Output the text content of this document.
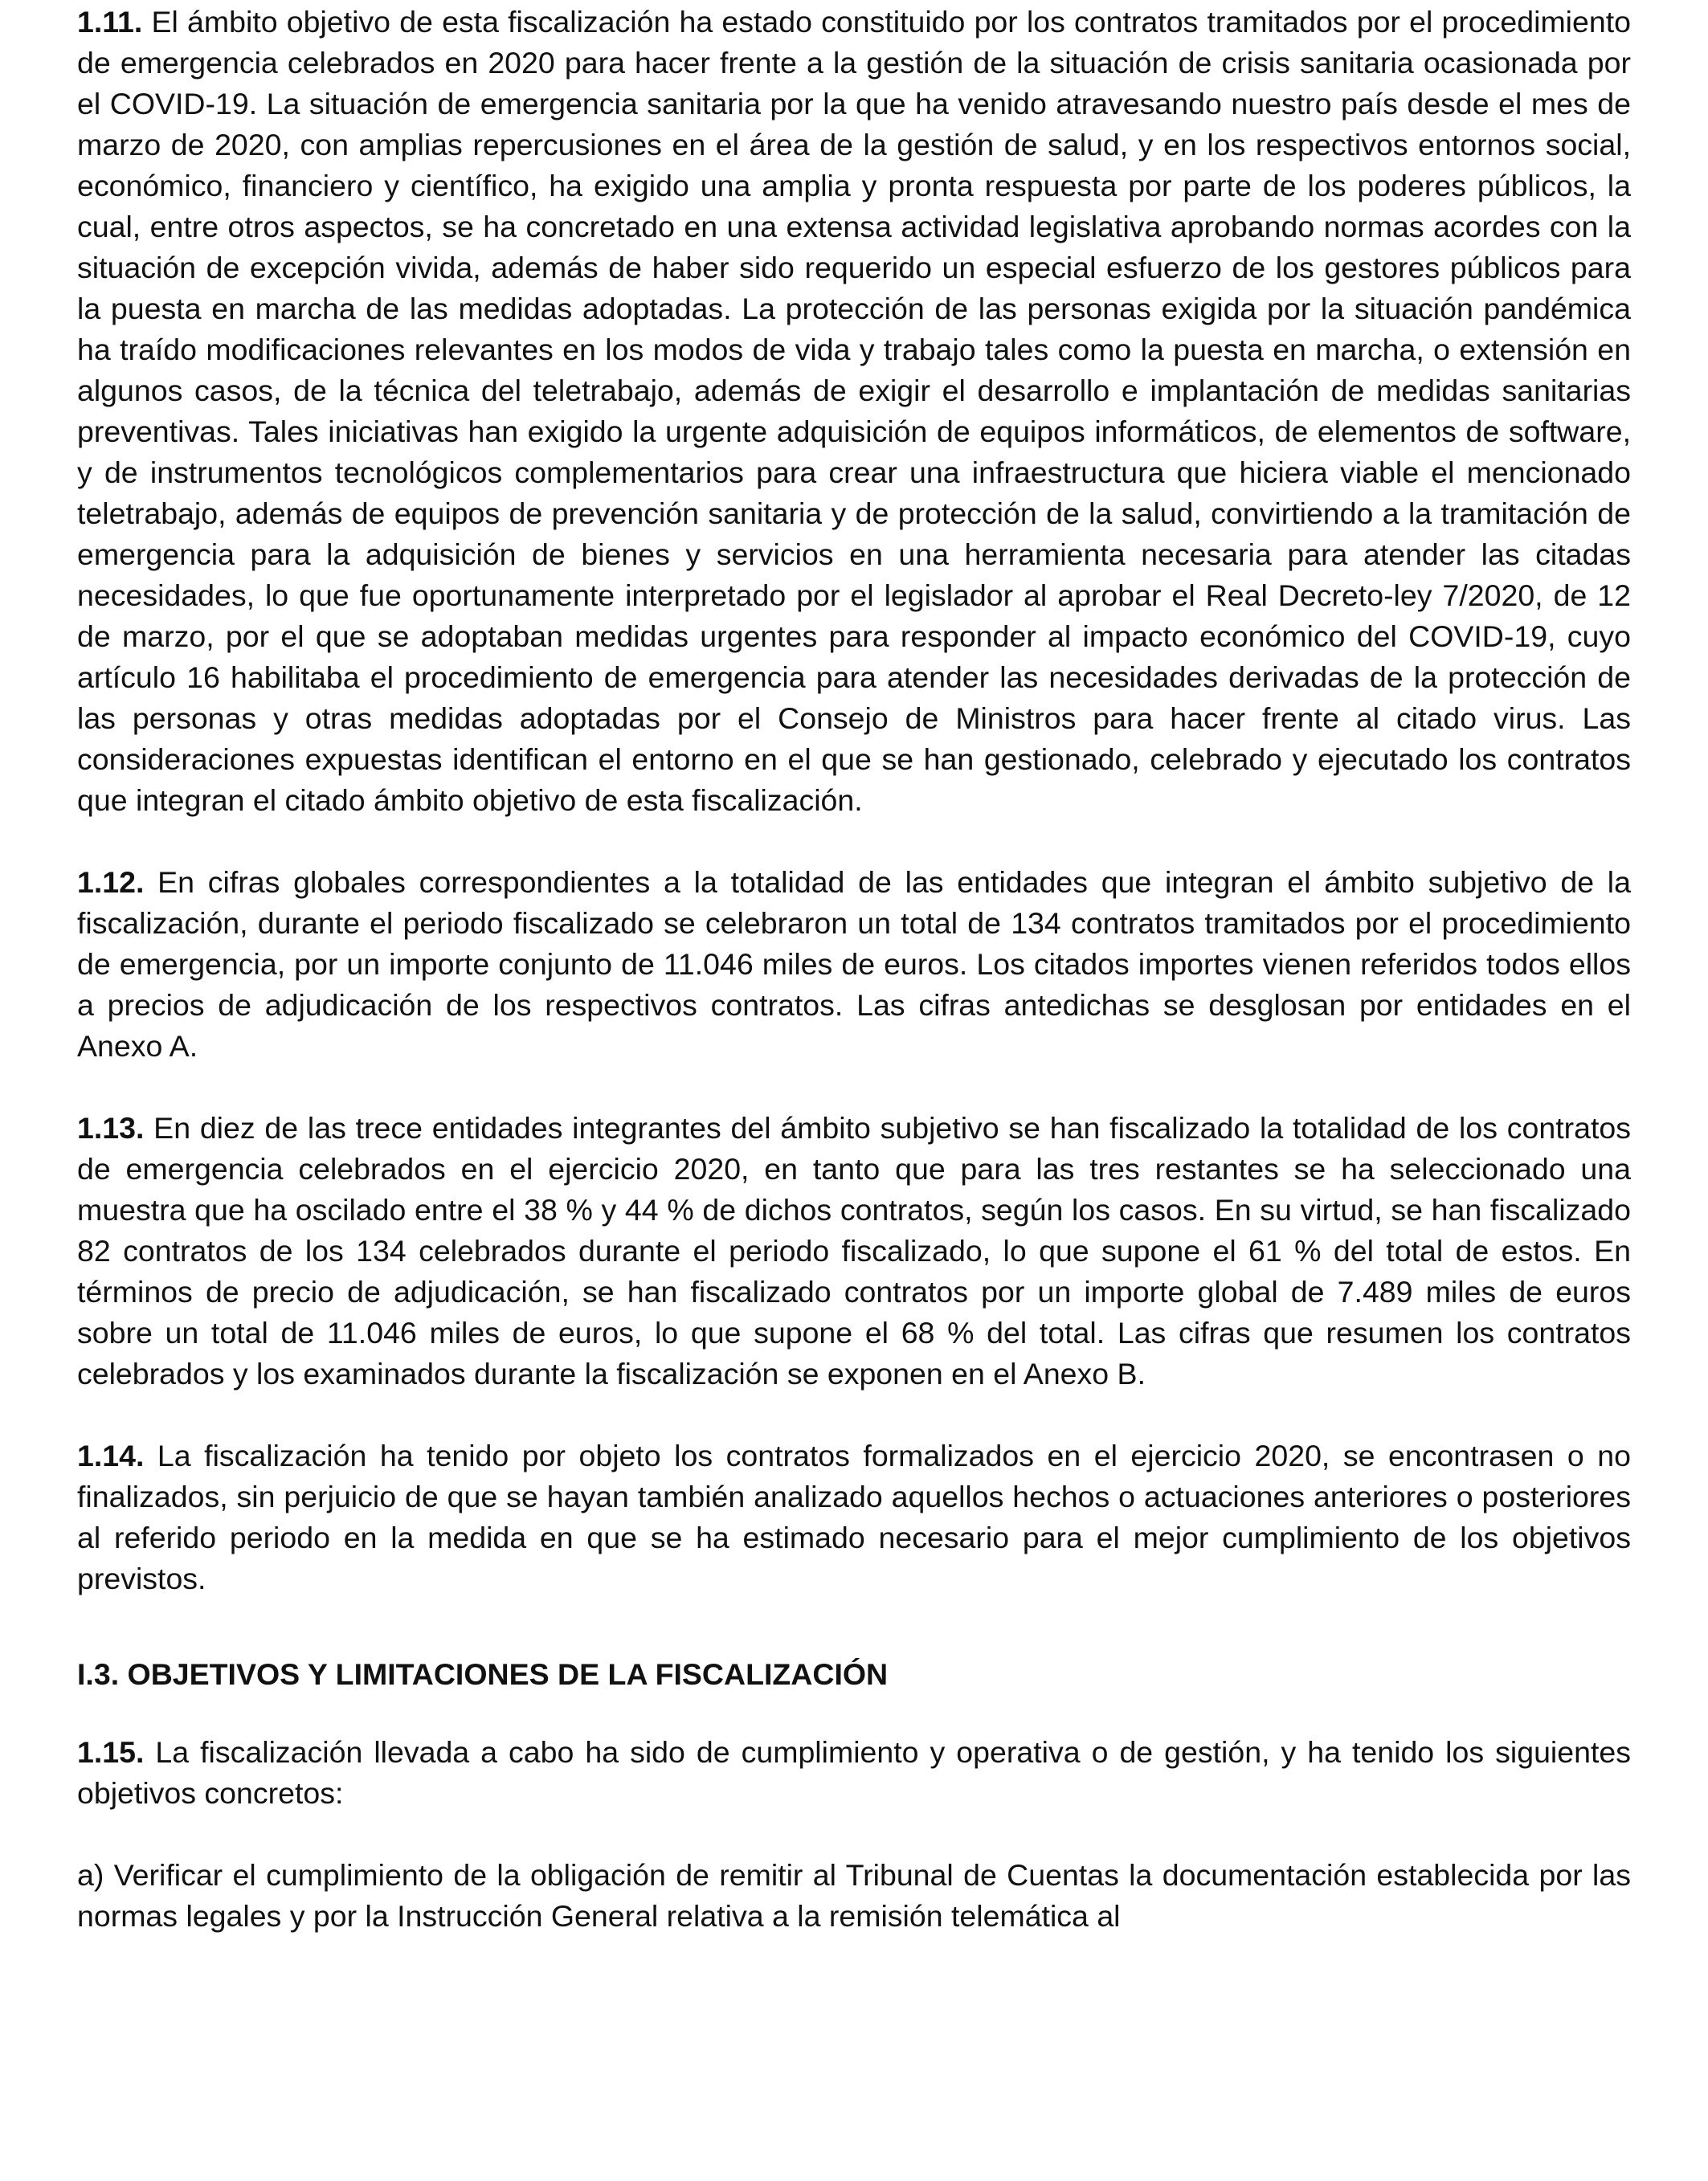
1.11. El ámbito objetivo de esta fiscalización ha estado constituido por los contratos tramitados por el procedimiento de emergencia celebrados en 2020 para hacer frente a la gestión de la situación de crisis sanitaria ocasionada por el COVID-19. La situación de emergencia sanitaria por la que ha venido atravesando nuestro país desde el mes de marzo de 2020, con amplias repercusiones en el área de la gestión de salud, y en los respectivos entornos social, económico, financiero y científico, ha exigido una amplia y pronta respuesta por parte de los poderes públicos, la cual, entre otros aspectos, se ha concretado en una extensa actividad legislativa aprobando normas acordes con la situación de excepción vivida, además de haber sido requerido un especial esfuerzo de los gestores públicos para la puesta en marcha de las medidas adoptadas. La protección de las personas exigida por la situación pandémica ha traído modificaciones relevantes en los modos de vida y trabajo tales como la puesta en marcha, o extensión en algunos casos, de la técnica del teletrabajo, además de exigir el desarrollo e implantación de medidas sanitarias preventivas. Tales iniciativas han exigido la urgente adquisición de equipos informáticos, de elementos de software, y de instrumentos tecnológicos complementarios para crear una infraestructura que hiciera viable el mencionado teletrabajo, además de equipos de prevención sanitaria y de protección de la salud, convirtiendo a la tramitación de emergencia para la adquisición de bienes y servicios en una herramienta necesaria para atender las citadas necesidades, lo que fue oportunamente interpretado por el legislador al aprobar el Real Decreto-ley 7/2020, de 12 de marzo, por el que se adoptaban medidas urgentes para responder al impacto económico del COVID-19, cuyo artículo 16 habilitaba el procedimiento de emergencia para atender las necesidades derivadas de la protección de las personas y otras medidas adoptadas por el Consejo de Ministros para hacer frente al citado virus. Las consideraciones expuestas identifican el entorno en el que se han gestionado, celebrado y ejecutado los contratos que integran el citado ámbito objetivo de esta fiscalización.

1.12. En cifras globales correspondientes a la totalidad de las entidades que integran el ámbito subjetivo de la fiscalización, durante el periodo fiscalizado se celebraron un total de 134 contratos tramitados por el procedimiento de emergencia, por un importe conjunto de 11.046 miles de euros. Los citados importes vienen referidos todos ellos a precios de adjudicación de los respectivos contratos. Las cifras antedichas se desglosan por entidades en el Anexo A.

1.13. En diez de las trece entidades integrantes del ámbito subjetivo se han fiscalizado la totalidad de los contratos de emergencia celebrados en el ejercicio 2020, en tanto que para las tres restantes se ha seleccionado una muestra que ha oscilado entre el 38 % y 44 % de dichos contratos, según los casos. En su virtud, se han fiscalizado 82 contratos de los 134 celebrados durante el periodo fiscalizado, lo que supone el 61 % del total de estos. En términos de precio de adjudicación, se han fiscalizado contratos por un importe global de 7.489 miles de euros sobre un total de 11.046 miles de euros, lo que supone el 68 % del total. Las cifras que resumen los contratos celebrados y los examinados durante la fiscalización se exponen en el Anexo B.

1.14. La fiscalización ha tenido por objeto los contratos formalizados en el ejercicio 2020, se encontrasen o no finalizados, sin perjuicio de que se hayan también analizado aquellos hechos o actuaciones anteriores o posteriores al referido periodo en la medida en que se ha estimado necesario para el mejor cumplimiento de los objetivos previstos.

I.3. OBJETIVOS Y LIMITACIONES DE LA FISCALIZACIÓN

1.15. La fiscalización llevada a cabo ha sido de cumplimiento y operativa o de gestión, y ha tenido los siguientes objetivos concretos:

a) Verificar el cumplimiento de la obligación de remitir al Tribunal de Cuentas la documentación establecida por las normas legales y por la Instrucción General relativa a la remisión telemática al
